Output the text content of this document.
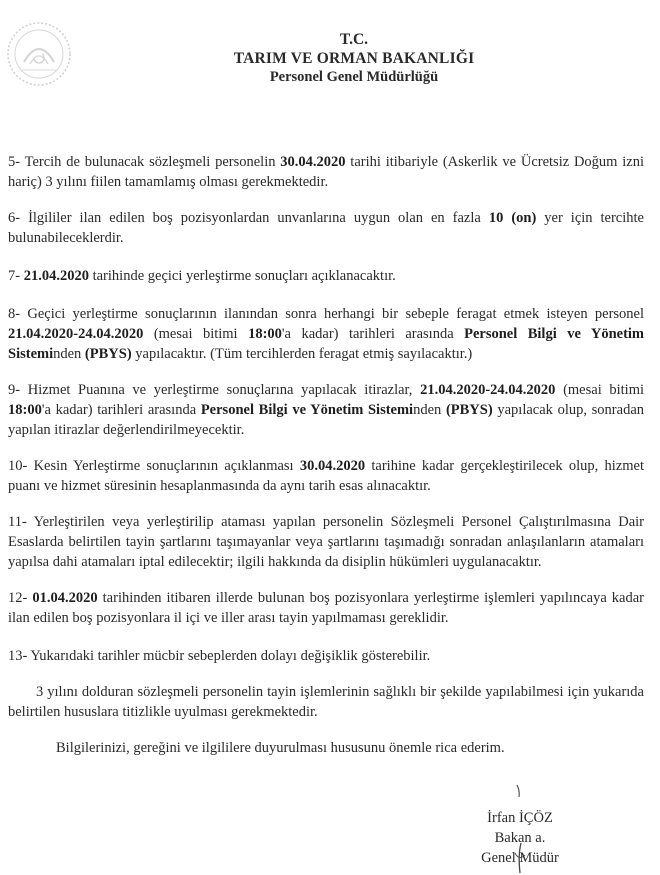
T.C.
TARIM VE ORMAN BAKANLIĞI
Personel Genel Müdürlüğü

5- Tercih de bulunacak sözleşmeli personelin 30.04.2020 tarihi itibariyle (Askerlik ve Ücretsiz Doğum izni hariç) 3 yılını fiilen tamamlamış olması gerekmektedir.

6- İlgililer ilan edilen boş pozisyonlardan unvanlarına uygun olan en fazla 10 (on) yer için tercihte bulunabileceklerdir.

7- 21.04.2020 tarihinde geçici yerleştirme sonuçları açıklanacaktır.

8- Geçici yerleştirme sonuçlarının ilanından sonra herhangi bir sebeple feragat etmek isteyen personel 21.04.2020-24.04.2020 (mesai bitimi 18:00'a kadar) tarihleri arasında Personel Bilgi ve Yönetim Sisteminden (PBYS) yapılacaktır. (Tüm tercihlerden feragat etmiş sayılacaktır.)

9- Hizmet Puanına ve yerleştirme sonuçlarına yapılacak itirazlar, 21.04.2020-24.04.2020 (mesai bitimi 18:00'a kadar) tarihleri arasında Personel Bilgi ve Yönetim Sisteminden (PBYS) yapılacak olup, sonradan yapılan itirazlar değerlendirilmeyecektir.

10- Kesin Yerleştirme sonuçlarının açıklanması 30.04.2020 tarihine kadar gerçekleştirilecek olup, hizmet puanı ve hizmet süresinin hesaplanmasında da aynı tarih esas alınacaktır.

11- Yerleştirilen veya yerleştirilip ataması yapılan personelin Sözleşmeli Personel Çalıştırılmasına Dair Esaslarda belirtilen tayin şartlarını taşımayanlar veya şartlarını taşımadığı sonradan anlaşılanların atamaları yapılsa dahi atamaları iptal edilecektir; ilgili hakkında da disiplin hükümleri uygulanacaktır.

12- 01.04.2020 tarihinden itibaren illerde bulunan boş pozisyonlara yerleştirme işlemleri yapılıncaya kadar ilan edilen boş pozisyonlara il içi ve iller arası tayin yapılmaması gereklidir.

13- Yukarıdaki tarihler mücbir sebeplerden dolayı değişiklik gösterebilir.

3 yılını dolduran sözleşmeli personelin tayin işlemlerinin sağlıklı bir şekilde yapılabilmesi için yukarıda belirtilen hususlara titizlikle uyulması gerekmektedir.

Bilgilerinizi, gereğini ve ilgililere duyurulması hususunu önemle rica ederim.

İrfan İÇÖZ
Bakan a.
Genel Müdür
